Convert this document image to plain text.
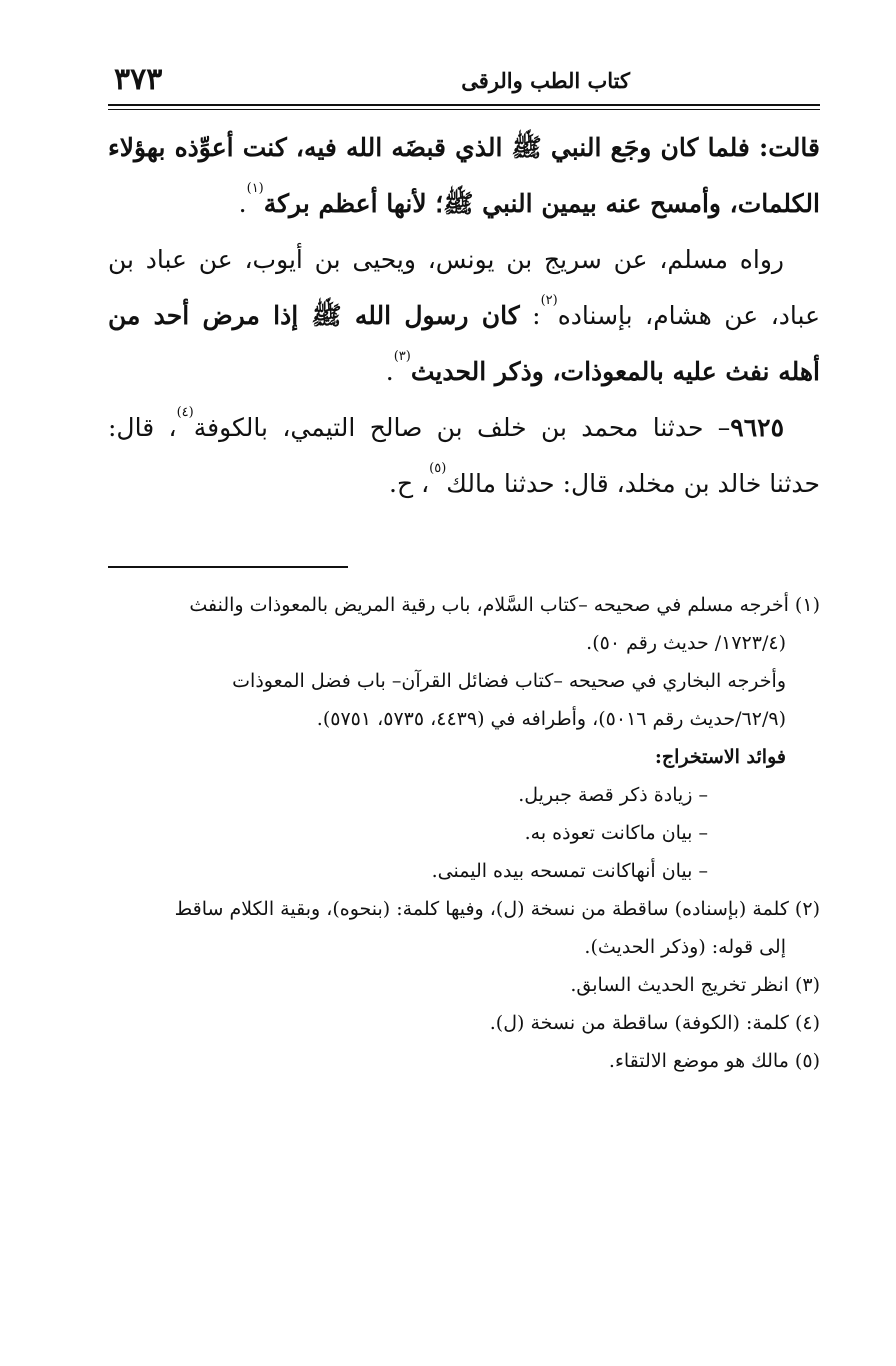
كتاب الطب والرقى
٣٧٣

قالت: فلما كان وجَع النبي ﷺ الذي قبضَه الله فيه، كنت أعوِّذه بهؤلاء الكلمات، وأمسح عنه بيمين النبي ﷺ؛ لأنها أعظم بركة$^{(١)}$.

رواه مسلم، عن سريج بن يونس، ويحيى بن أيوب، عن عباد بن عباد، عن هشام، بإسناده$^{(٢)}$: كان رسول الله ﷺ إذا مرض أحد من أهله نفث عليه بالمعوذات، وذكر الحديث$^{(٣)}$.

٩٦٢٥– حدثنا محمد بن خلف بن صالح التيمي، بالكوفة$^{(٤)}$، قال: حدثنا خالد بن مخلد، قال: حدثنا مالك$^{(٥)}$، ح.

(١) أخرجه مسلم في صحيحه –كتاب السَّلام، باب رقية المريض بالمعوذات والنفث

(١٧٢٣/٤/ حديث رقم ٥٠).

وأخرجه البخاري في صحيحه –كتاب فضائل القرآن– باب فضل المعوذات

(٦٢/٩/حديث رقم ٥٠١٦)، وأطرافه في (٤٤٣٩، ٥٧٣٥، ٥٧٥١).

فوائد الاستخراج:

– زيادة ذكر قصة جبريل.

– بيان ماكانت تعوذه به.

– بيان أنهاكانت تمسحه بيده اليمنى.

(٢) كلمة (بإسناده) ساقطة من نسخة (ل)، وفيها كلمة: (بنحوه)، وبقية الكلام ساقط

إلى قوله: (وذكر الحديث).

(٣) انظر تخريج الحديث السابق.

(٤) كلمة: (الكوفة) ساقطة من نسخة (ل).

(٥) مالك هو موضع الالتقاء.
